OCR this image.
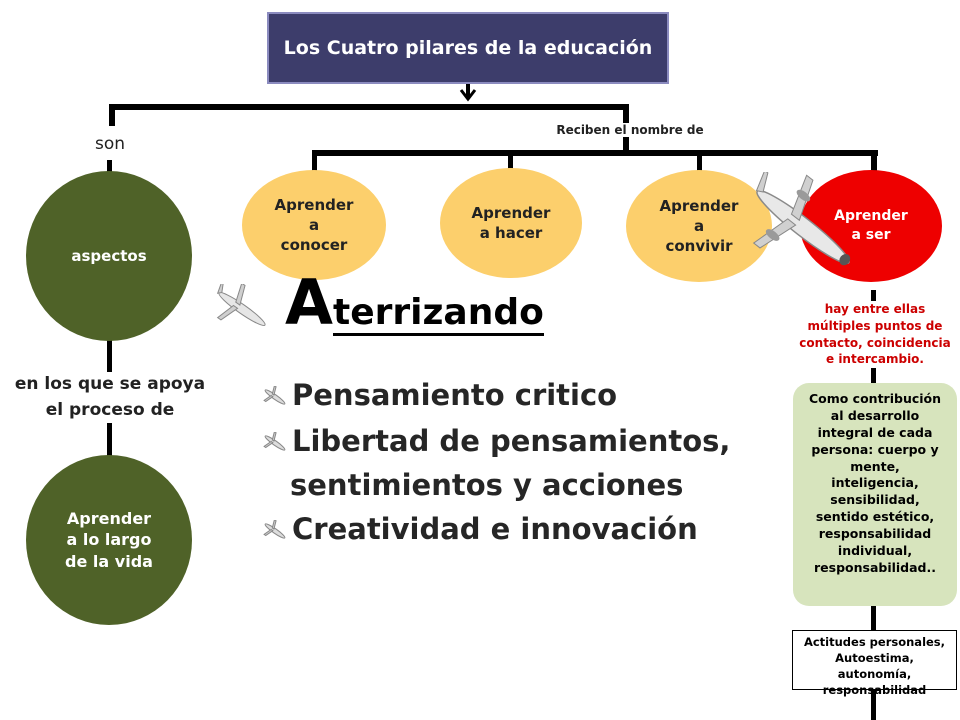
Los Cuatro pilares de la educación
son
aspectos
en los que se apoya
el proceso de
Aprender
a lo largo
de la vida
Reciben el nombre de
Aprender
a
conocer
Aprender
a hacer
Aprender
a
convivir
Aprender
a ser
hay entre ellas
múltiples puntos de
contacto, coincidencia
e intercambio.
Como contribución
al desarrollo
integral de cada
persona: cuerpo y
mente,
inteligencia,
sensibilidad,
sentido estético,
responsabilidad
individual,
responsabilidad..
Actitudes personales,
Autoestima, autonomía,
responsabilidad
Aterrizando
Pensamiento critico
Libertad de pensamientos,
sentimientos y acciones
Creatividad e innovación
